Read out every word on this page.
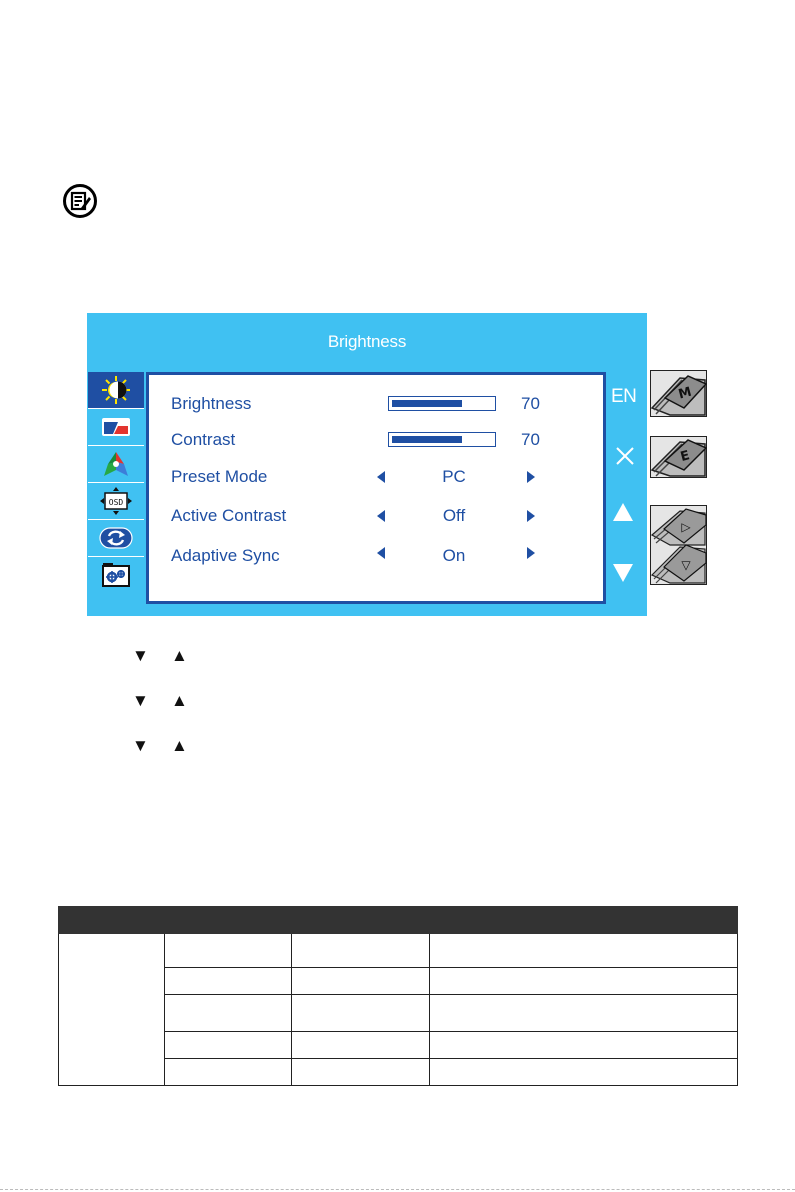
Brightness
OSD
Brightness	70
Contrast	70
Preset Mode	PC
Active Contrast	Off
Adaptive Sync	On
EN	M
E
▷
▽
▼ ▲
▼ ▲
▼ ▲
